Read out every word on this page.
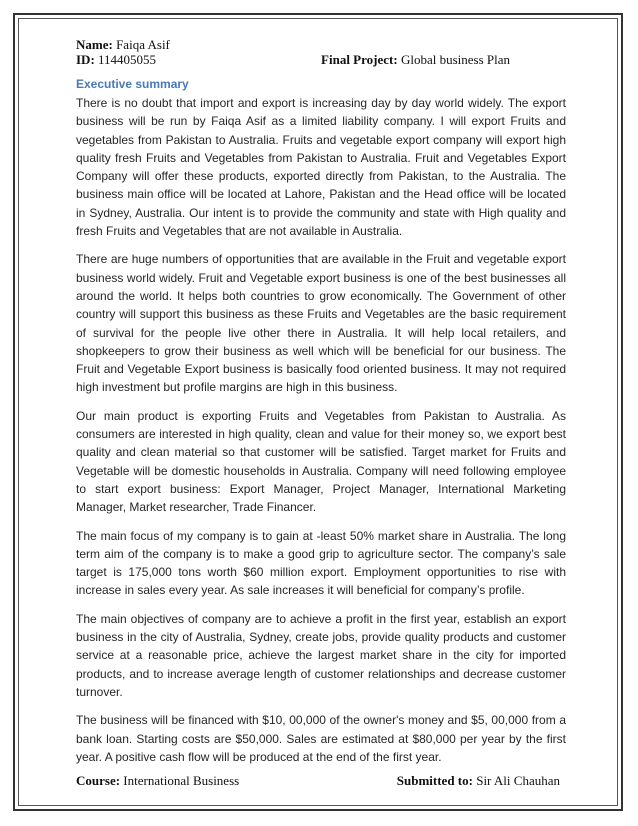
Name: Faiqa Asif
ID: 114405055	Final Project: Global business Plan
Executive summary

There is no doubt that import and export is increasing day by day world widely. The export business will be run by Faiqa Asif as a limited liability company. I will export Fruits and vegetables from Pakistan to Australia. Fruits and vegetable export company will export high quality fresh Fruits and Vegetables from Pakistan to Australia. Fruit and Vegetables Export Company will offer these products, exported directly from Pakistan, to the Australia. The business main office will be located at Lahore, Pakistan and the Head office will be located in Sydney, Australia. Our intent is to provide the community and state with High quality and fresh Fruits and Vegetables that are not available in Australia.

There are huge numbers of opportunities that are available in the Fruit and vegetable export business world widely. Fruit and Vegetable export business is one of the best businesses all around the world. It helps both countries to grow economically. The Government of other country will support this business as these Fruits and Vegetables are the basic requirement of survival for the people live other there in Australia. It will help local retailers, and shopkeepers to grow their business as well which will be beneficial for our business. The Fruit and Vegetable Export business is basically food oriented business. It may not required high investment but profile margins are high in this business.

Our main product is exporting Fruits and Vegetables from Pakistan to Australia. As consumers are interested in high quality, clean and value for their money so, we export best quality and clean material so that customer will be satisfied. Target market for Fruits and Vegetable will be domestic households in Australia. Company will need following employee to start export business: Export Manager, Project Manager, International Marketing Manager, Market researcher, Trade Financer.

The main focus of my company is to gain at -least 50% market share in Australia. The long term aim of the company is to make a good grip to agriculture sector. The company’s sale target is 175,000 tons worth $60 million export. Employment opportunities to rise with increase in sales every year. As sale increases it will beneficial for company’s profile.

The main objectives of company are to achieve a profit in the first year, establish an export business in the city of Australia, Sydney, create jobs, provide quality products and customer service at a reasonable price, achieve the largest market share in the city for imported products, and to increase average length of customer relationships and decrease customer turnover.

The business will be financed with $10, 00,000 of the owner's money and $5, 00,000 from a bank loan. Starting costs are $50,000. Sales are estimated at $80,000 per year by the first year. A positive cash flow will be produced at the end of the first year.

Course: International Business	Submitted to: Sir Ali Chauhan
